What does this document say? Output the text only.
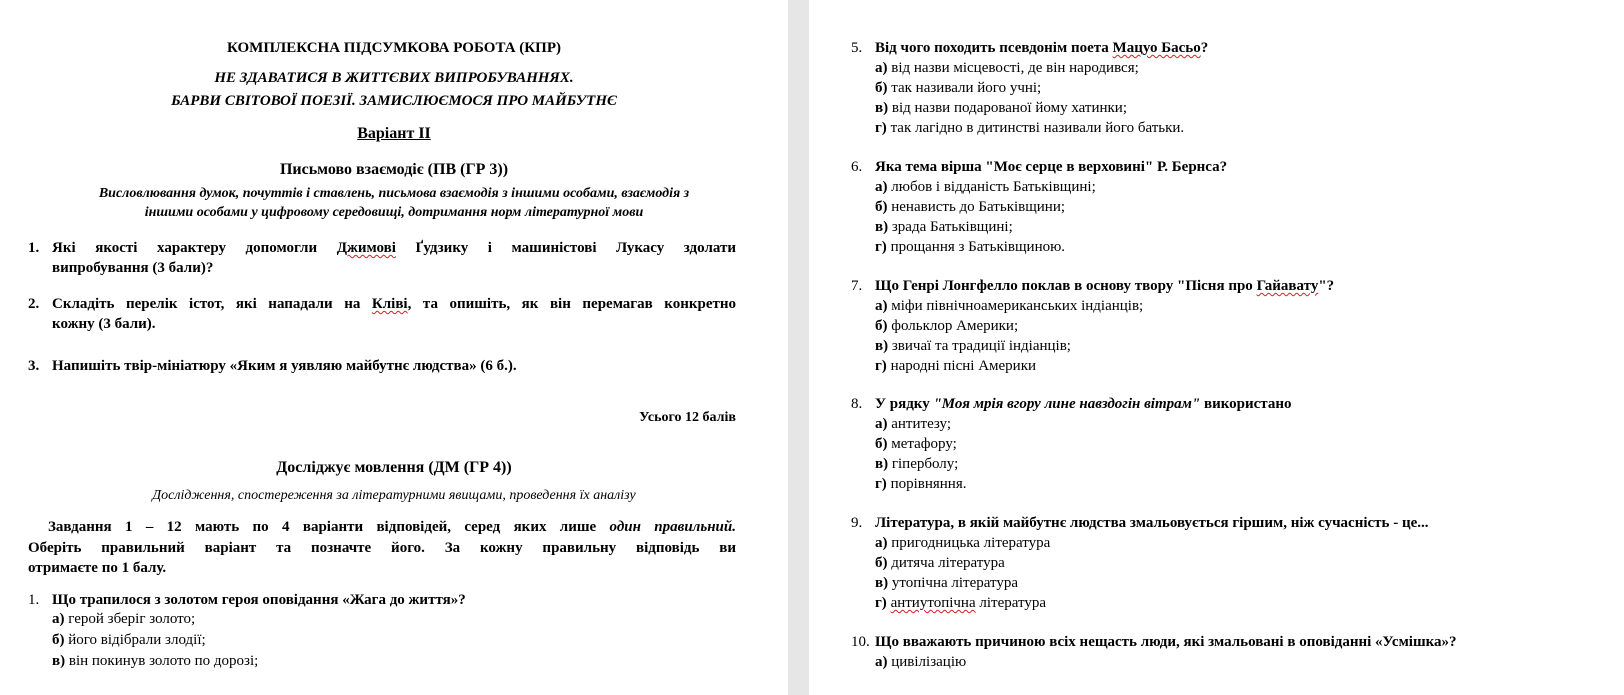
КОМПЛЕКСНА ПІДСУМКОВА РОБОТА (КПР)
НЕ ЗДАВАТИСЯ В ЖИТТЄВИХ ВИПРОБУВАННЯХ.
БАРВИ СВІТОВОЇ ПОЕЗІЇ. ЗАМИСЛЮЄМОСЯ ПРО МАЙБУТНЄ
Варіант ІІ
Письмово взаємодіє (ПВ (ГР 3))
Висловлювання думок, почуттів і ставлень, письмова взаємодія з іншими особами, взаємодія з
іншими особами у цифровому середовищі, дотримання норм літературної мови
1. Які якості характеру допомогли Джимові Ґудзику і машиністові Лукасу здолати
випробування (3 бали)?
2. Складіть перелік істот, які нападали на Кліві, та опишіть, як він перемагав конкретно
кожну (3 бали).
3. Напишіть твір-мініатюру «Яким я уявляю майбутнє людства» (6 б.).
Усього 12 балів
Досліджує мовлення (ДМ (ГР 4))
Дослідження, спостереження за літературними явищами, проведення їх аналізу
Завдання 1 – 12 мають по 4 варіанти відповідей, серед яких лише один правильний.
Оберіть правильний варіант та позначте його. За кожну правильну відповідь ви
отримаєте по 1 балу.
1. Що трапилося з золотом героя оповідання «Жага до життя»?
а) герой зберіг золото;
б) його відібрали злодії;
в) він покинув золото по дорозі;
5. Від чого походить псевдонім поета Мацуо Басьо?
а) від назви місцевості, де він народився;
б) так називали його учні;
в) від назви подарованої йому хатинки;
г) так лагідно в дитинстві називали його батьки.
6. Яка тема вірша "Моє серце в верховині" Р. Бернса?
а) любов і відданість Батьківщині;
б) ненависть до Батьківщини;
в) зрада Батьківщині;
г) прощання з Батьківщиною.
7. Що Генрі Лонгфелло поклав в основу твору "Пісня про Гайавату"?
а) міфи північноамериканських індіанців;
б) фольклор Америки;
в) звичаї та традиції індіанців;
г) народні пісні Америки
8. У рядку "Моя мрія вгору лине навздогін вітрам" використано
а) антитезу;
б) метафору;
в) гіперболу;
г) порівняння.
9. Література, в якій майбутнє людства змальовується гіршим, ніж сучасність - це...
а) пригодницька література
б) дитяча література
в) утопічна література
г) антиутопічна література
10. Що вважають причиною всіх нещасть люди, які змальовані в оповіданні «Усмішка»?
а) цивілізацію
